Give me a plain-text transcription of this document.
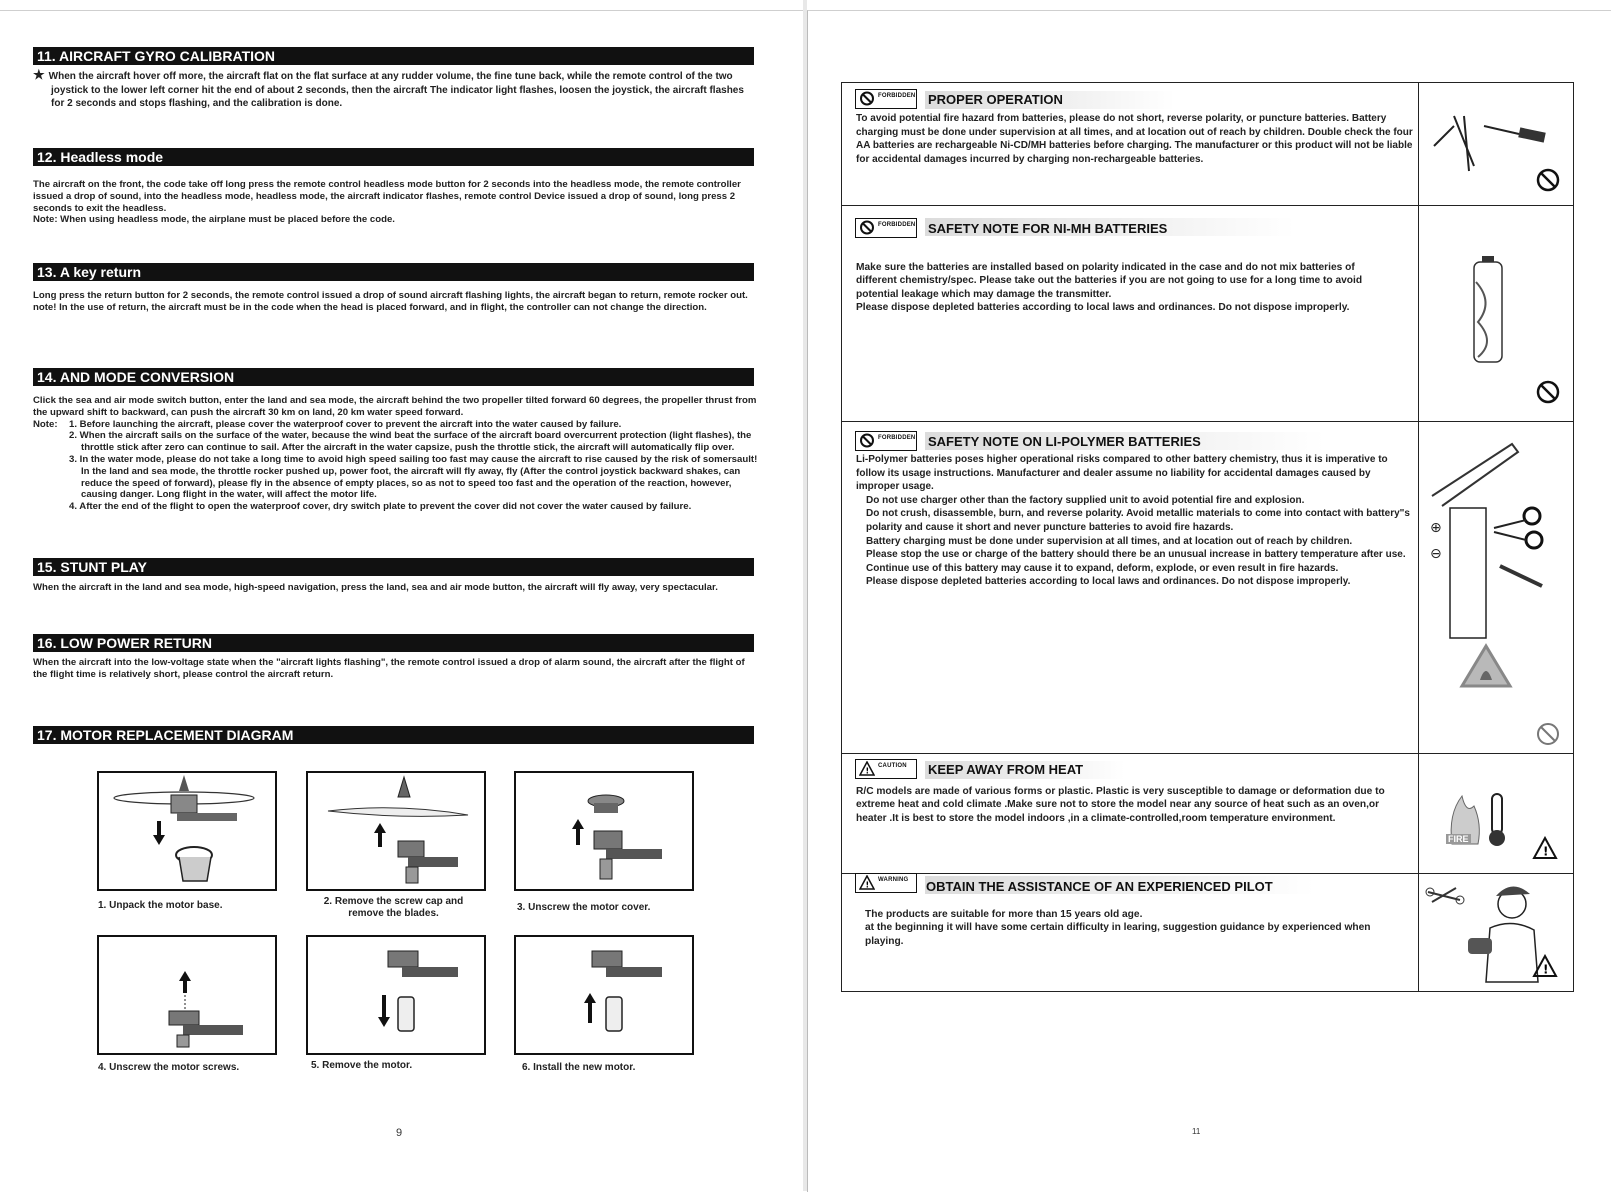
11. AIRCRAFT GYRO CALIBRATION

★ When the aircraft hover off more, the aircraft flat on the flat surface at any rudder volume, the fine tune back, while the remote control of the two joystick to the lower left corner hit the end of about 2 seconds, then the aircraft The indicator light flashes, loosen the joystick, the aircraft flashes for 2 seconds and stops flashing, and the calibration is done.

12. Headless mode

The aircraft on the front, the code take off long press the remote control headless mode button for 2 seconds into the headless mode, the remote controller issued a drop of sound, into the headless mode, headless mode, the aircraft indicator flashes, remote control Device issued a drop of sound, long press 2 seconds to exit the headless.

Note: When using headless mode, the airplane must be placed before the code.

13. A key return

Long press the return button for 2 seconds, the remote control issued a drop of sound aircraft flashing lights, the aircraft began to return, remote rocker out.

note! In the use of return, the aircraft must be in the code when the head is placed forward, and in flight, the controller can not change the direction.

14. AND MODE CONVERSION

Click the sea and air mode switch button, enter the land and sea mode, the aircraft behind the two propeller tilted forward 60 degrees, the propeller thrust from the upward shift to backward, can push the aircraft 30 km on land, 20 km water speed forward.

Note:	1. Before launching the aircraft, please cover the waterproof cover to prevent the aircraft into the water caused by failure.
2. When the aircraft sails on the surface of the water, because the wind beat the surface of the aircraft board overcurrent protection (light flashes), the throttle stick after zero can continue to sail. After the aircraft in the water capsize, push the throttle stick, the aircraft will automatically flip over.
3. In the water mode, please do not take a long time to avoid high speed sailing too fast may cause the aircraft to rise caused by the risk of somersault! In the land and sea mode, the throttle rocker pushed up, power foot, the aircraft will fly away, fly (After the control joystick backward shakes, can reduce the speed of forward), please fly in the absence of empty places, so as not to speed too fast and the operation of the reaction, however, causing danger. Long flight in the water, will affect the motor life.
4. After the end of the flight to open the waterproof cover, dry switch plate to prevent the cover did not cover the water caused by failure.
15. STUNT PLAY

When the aircraft in the land and sea mode, high-speed navigation, press the land, sea and air mode button, the aircraft will fly away, very spectacular.

16. LOW POWER RETURN

When the aircraft into the low-voltage state when the "aircraft lights flashing", the remote control issued a drop of alarm sound, the aircraft after the flight of the flight time is relatively short, please control the aircraft return.

17. MOTOR REPLACEMENT DIAGRAM
1. Unpack the motor base.	2. Remove the screw cap and remove the blades.
3. Unscrew the motor cover.
4. Unscrew the motor screws.	5. Remove the motor.	6. Install the new motor.
9
FORBIDDEN PROPER OPERATION

To avoid potential fire hazard from batteries, please do not short, reverse polarity, or puncture batteries. Battery charging must be done under supervision at all times, and at location out of reach by children. Double check the four AA batteries are rechargeable Ni-CD/MH batteries before charging. The manufacturer or this product will not be liable for accidental damages incurred by charging non-rechargeable batteries.

FORBIDDEN SAFETY NOTE FOR NI-MH BATTERIES

Make sure the batteries are installed based on polarity indicated in the case and do not mix batteries of different chemistry/spec. Please take out the batteries if you are not going to use for a long time to avoid potential leakage which may damage the transmitter.

Please dispose depleted batteries according to local laws and ordinances. Do not dispose improperly.

FORBIDDEN SAFETY NOTE ON LI-POLYMER BATTERIES

Li-Polymer batteries poses higher operational risks compared to other battery chemistry, thus it is imperative to follow its usage instructions. Manufacturer and dealer assume no liability for accidental damages caused by improper usage.

Do not use charger other than the factory supplied unit to avoid potential fire and explosion.

Do not crush, disassemble, burn, and reverse polarity. Avoid metallic materials to come into contact with battery"s polarity and cause it short and never puncture batteries to avoid fire hazards.

Battery charging must be done under supervision at all times, and at location out of reach by children.

Please stop the use or charge of the battery should there be an unusual increase in battery temperature after use. Continue use of this battery may cause it to expand, deform, explode, or even result in fire hazards.

Please dispose depleted batteries according to local laws and ordinances. Do not dispose improperly.

⊕
⊖
!
CAUTION KEEP AWAY FROM HEAT

R/C models are made of various forms or plastic. Plastic is very susceptible to damage or deformation due to extreme heat and cold climate .Make sure not to store the model near any source of heat such as an oven,or heater .It is best to store the model indoors ,in a climate-controlled,room temperature environment.

FIRE
!
!
WARNING OBTAIN THE ASSISTANCE OF AN EXPERIENCED PILOT

The products are suitable for more than 15 years old age.

at the beginning it will have some certain difficulty in learing, suggestion guidance by experienced when playing.

!
11
